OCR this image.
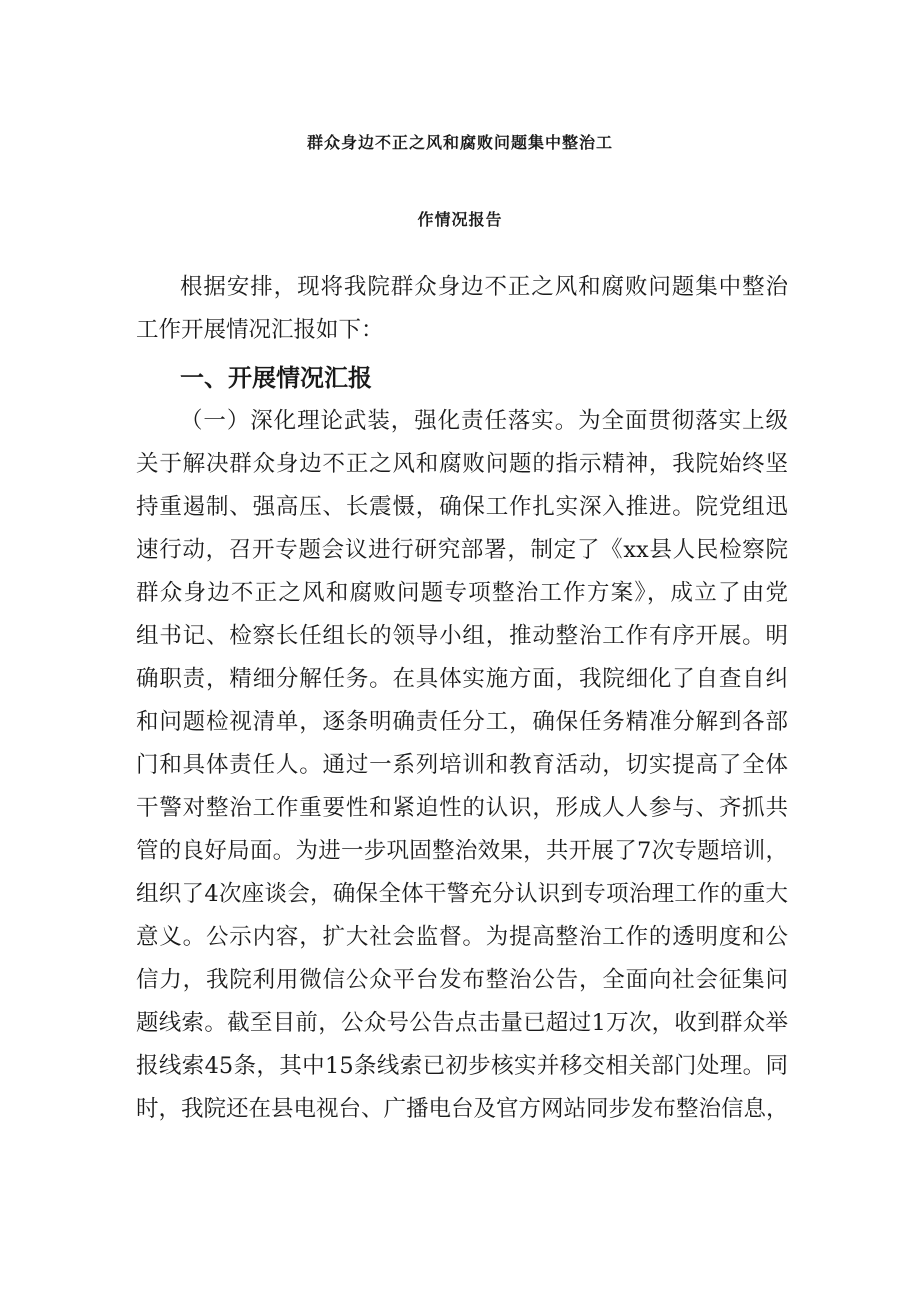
群众身边不正之风和腐败问题集中整治工
作情况报告
根据安排，现将我院群众身边不正之风和腐败问题集中整治
工作开展情况汇报如下：
一、开展情况汇报
（一）深化理论武装，强化责任落实。为全面贯彻落实上级
关于解决群众身边不正之风和腐败问题的指示精神，我院始终坚
持重遏制、强高压、长震慑，确保工作扎实深入推进。院党组迅
速行动，召开专题会议进行研究部署，制定了《xx县人民检察院
群众身边不正之风和腐败问题专项整治工作方案》，成立了由党
组书记、检察长任组长的领导小组，推动整治工作有序开展。明
确职责，精细分解任务。在具体实施方面，我院细化了自查自纠
和问题检视清单，逐条明确责任分工，确保任务精准分解到各部
门和具体责任人。通过一系列培训和教育活动，切实提高了全体
干警对整治工作重要性和紧迫性的认识，形成人人参与、齐抓共
管的良好局面。为进一步巩固整治效果，共开展了7次专题培训，
组织了4次座谈会，确保全体干警充分认识到专项治理工作的重大
意义。公示内容，扩大社会监督。为提高整治工作的透明度和公
信力，我院利用微信公众平台发布整治公告，全面向社会征集问
题线索。截至目前，公众号公告点击量已超过1万次，收到群众举
报线索45条，其中15条线索已初步核实并移交相关部门处理。同
时，我院还在县电视台、广播电台及官方网站同步发布整治信息，
